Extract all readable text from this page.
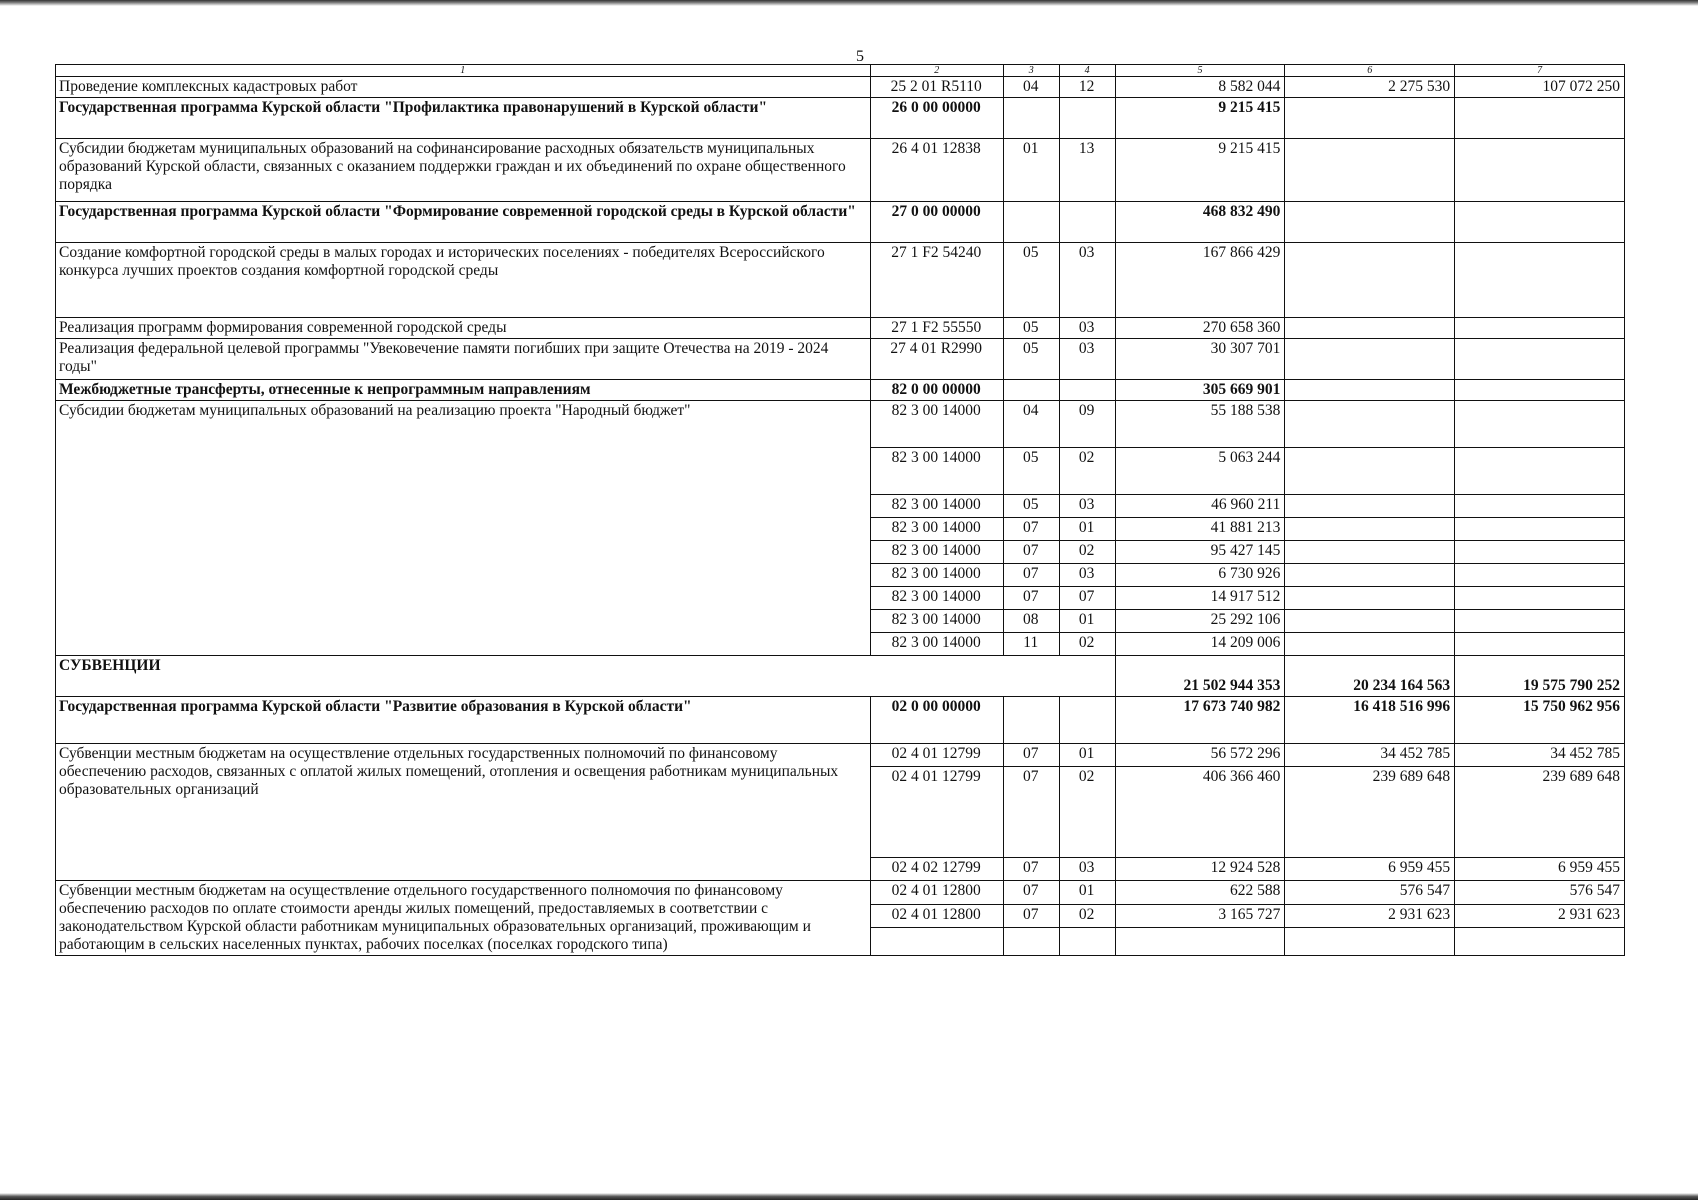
5
1	2	3	4	5	6	7
Проведение комплексных кадастровых работ	25 2 01 R5110	04	12	8 582 044	2 275 530	107 072 250
Государственная программа Курской области "Профилактика правонарушений в Курской области"	26 0 00 00000			9 215 415		
Субсидии бюджетам муниципальных образований на софинансирование расходных обязательств муниципальных образований Курской области, связанных с оказанием поддержки граждан и их объединений по охране общественного порядка	26 4 01 12838	01	13	9 215 415		
Государственная программа Курской области "Формирование современной городской среды в Курской области"	27 0 00 00000			468 832 490		
Создание комфортной городской среды в малых городах и исторических поселениях - победителях Всероссийского конкурса лучших проектов создания комфортной городской среды	27 1 F2 54240	05	03	167 866 429		
Реализация программ формирования современной городской среды	27 1 F2 55550	05	03	270 658 360		
Реализация федеральной целевой программы "Увековечение памяти погибших при защите Отечества на 2019 - 2024 годы"	27 4 01 R2990	05	03	30 307 701		
Межбюджетные трансферты, отнесенные к непрограммным направлениям	82 0 00 00000			305 669 901		
Субсидии бюджетам муниципальных образований на реализацию проекта "Народный бюджет"	82 3 00 14000	04	09	55 188 538		
	82 3 00 14000	05	02	5 063 244		
	82 3 00 14000	05	03	46 960 211		
	82 3 00 14000	07	01	41 881 213		
	82 3 00 14000	07	02	95 427 145		
	82 3 00 14000	07	03	6 730 926		
	82 3 00 14000	07	07	14 917 512		
	82 3 00 14000	08	01	25 292 106		
	82 3 00 14000	11	02	14 209 006		
СУБВЕНЦИИ				21 502 944 353	20 234 164 563	19 575 790 252
Государственная программа Курской области "Развитие образования в Курской области"	02 0 00 00000			17 673 740 982	16 418 516 996	15 750 962 956
Субвенции местным бюджетам на осуществление отдельных государственных полномочий по финансовому обеспечению расходов, связанных с оплатой жилых помещений, отопления и освещения работникам муниципальных образовательных организаций	02 4 01 12799	07	01	56 572 296	34 452 785	34 452 785
	02 4 01 12799	07	02	406 366 460	239 689 648	239 689 648
	02 4 02 12799	07	03	12 924 528	6 959 455	6 959 455
Субвенции местным бюджетам на осуществление отдельного государственного полномочия по финансовому обеспечению расходов по оплате стоимости аренды жилых помещений, предоставляемых в соответствии с законодательством Курской области работникам муниципальных образовательных организаций, проживающим и работающим в сельских населенных пунктах, рабочих поселках (поселках городского типа)	02 4 01 12800	07	01	622 588	576 547	576 547
	02 4 01 12800	07	02	3 165 727	2 931 623	2 931 623
